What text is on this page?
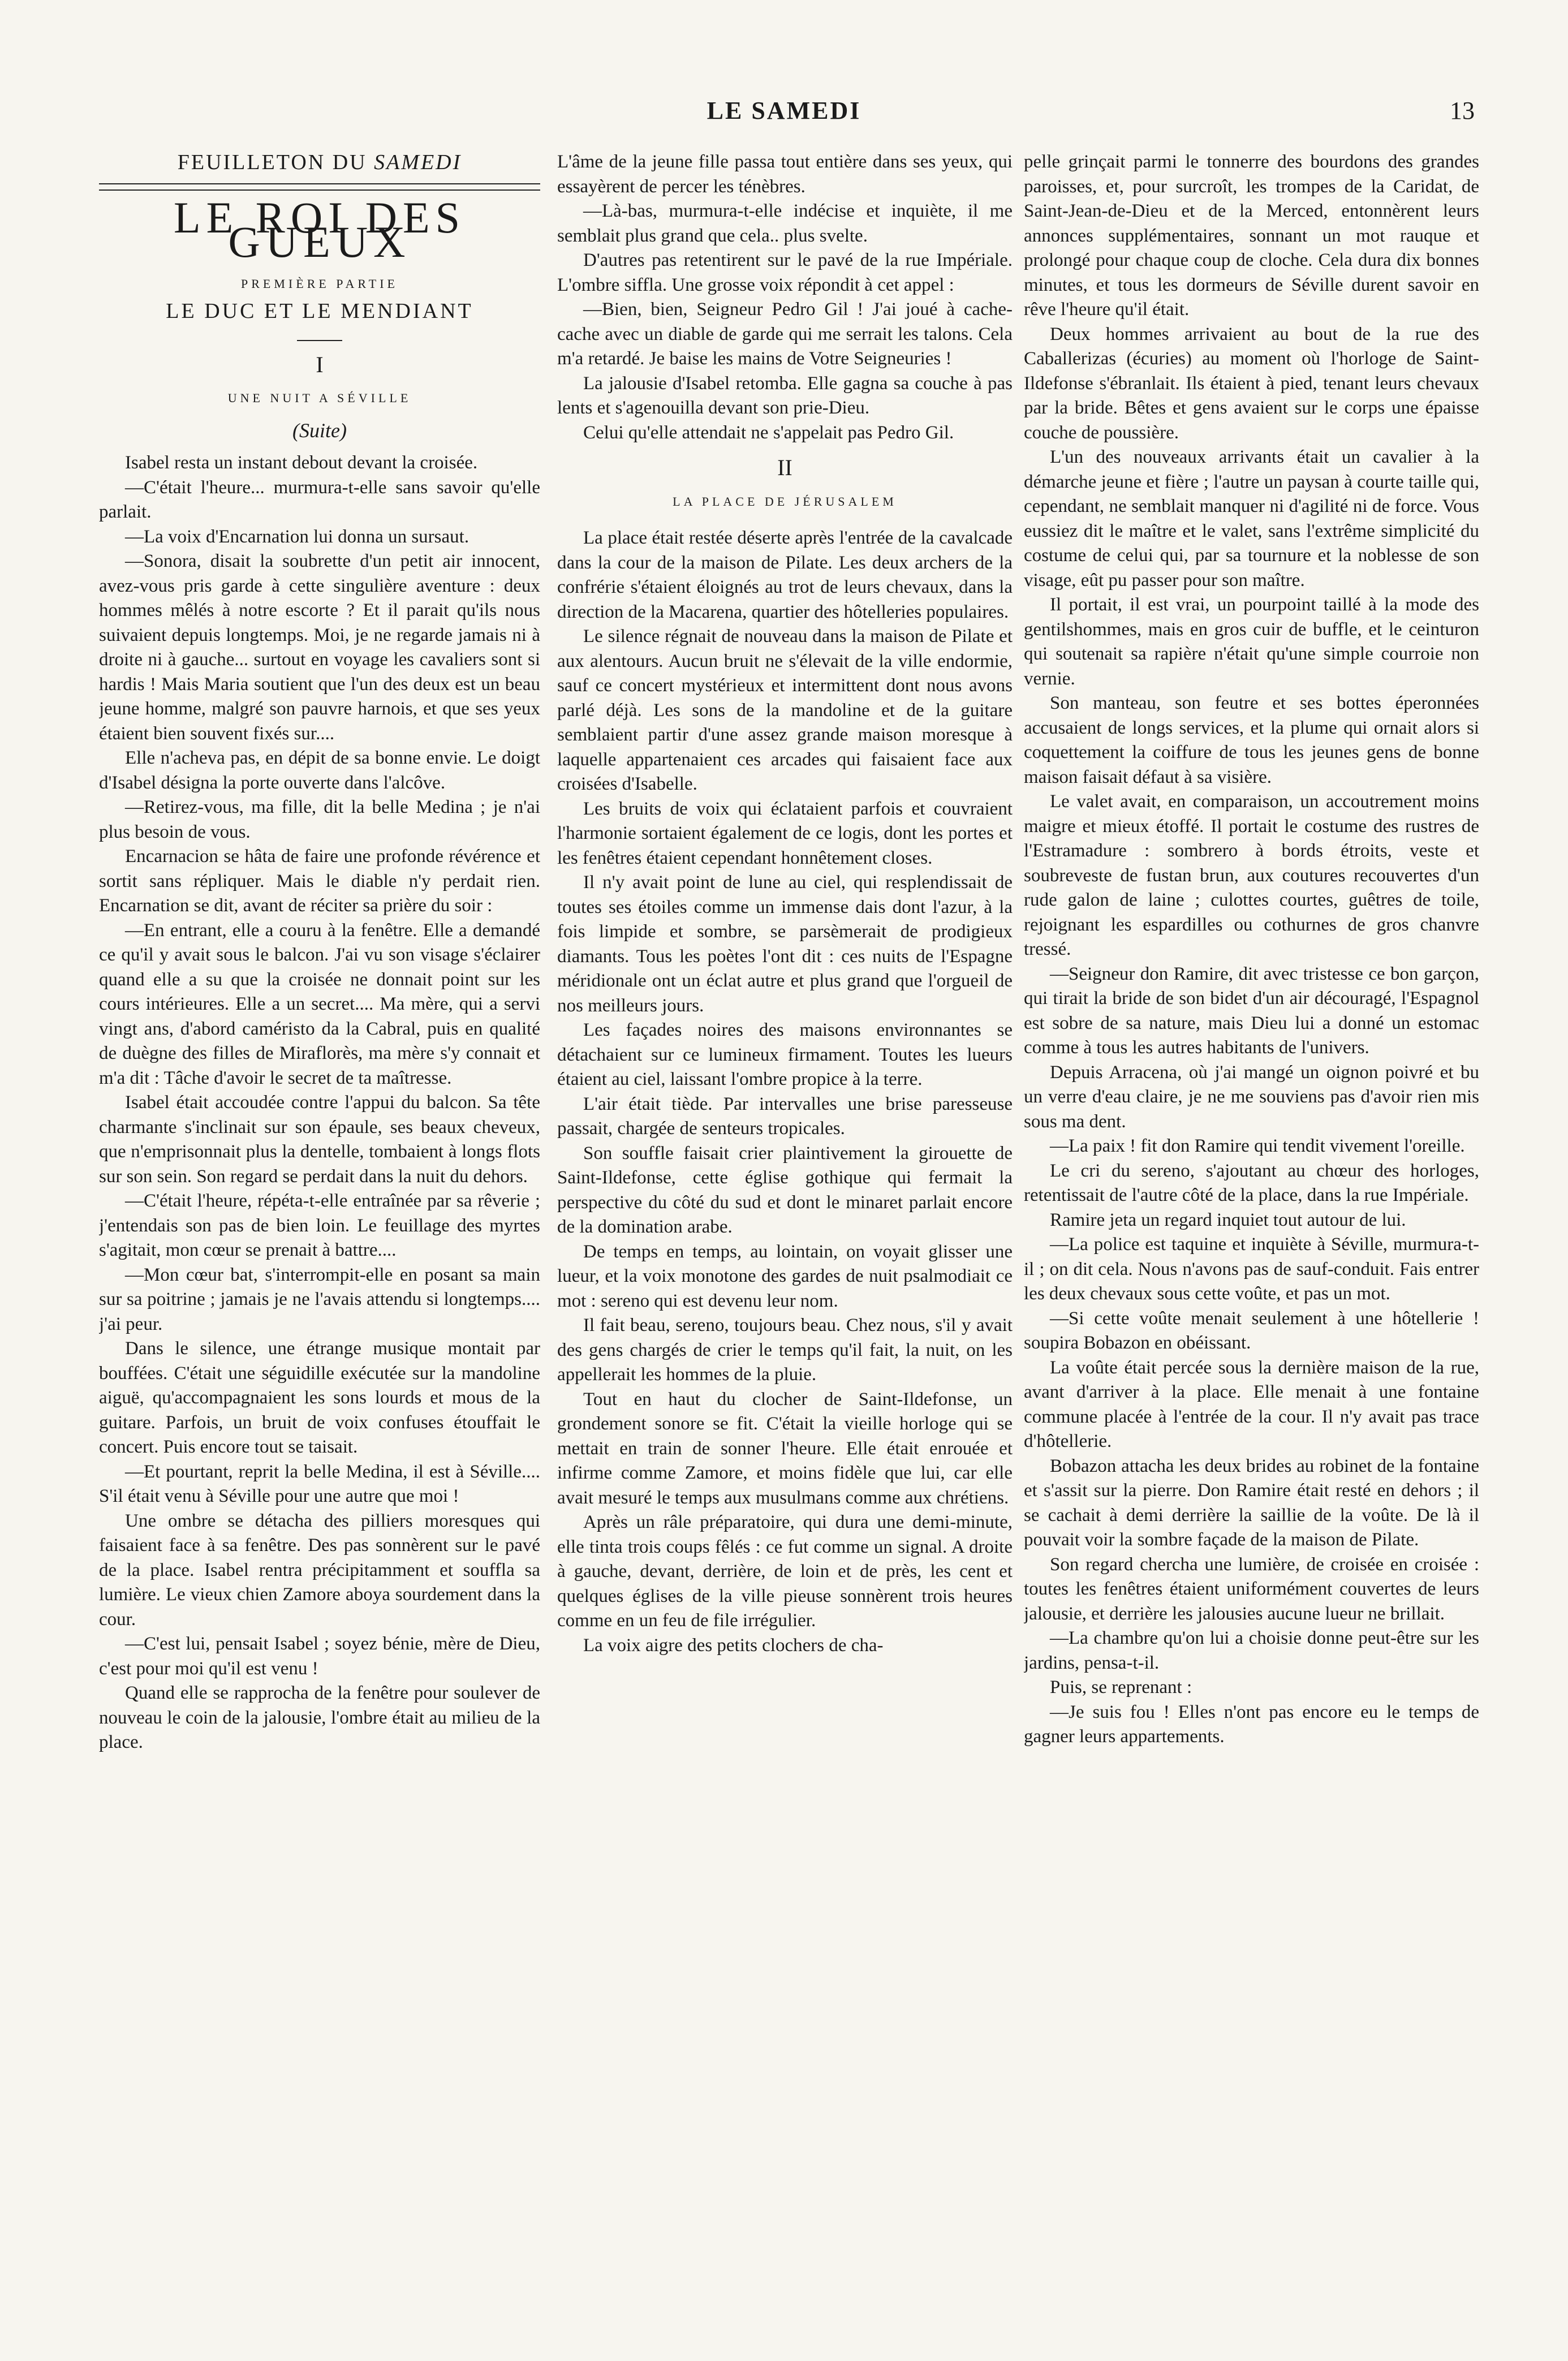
LE SAMEDI	13
FEUILLETON DU SAMEDI
LE ROI DES GUEUX
PREMIÈRE PARTIE
LE DUC ET LE MENDIANT
I
UNE NUIT A SÉVILLE
(Suite)

Isabel resta un instant debout devant la croisée.

—C'était l'heure... murmura-t-elle sans savoir qu'elle parlait.

—La voix d'Encarnation lui donna un sursaut.

—Sonora, disait la soubrette d'un petit air innocent, avez-vous pris garde à cette singulière aventure : deux hommes mêlés à notre escorte ? Et il parait qu'ils nous suivaient depuis longtemps. Moi, je ne regarde jamais ni à droite ni à gauche... surtout en voyage les cavaliers sont si hardis ! Mais Maria soutient que l'un des deux est un beau jeune homme, malgré son pauvre harnois, et que ses yeux étaient bien souvent fixés sur....

Elle n'acheva pas, en dépit de sa bonne envie. Le doigt d'Isabel désigna la porte ouverte dans l'alcôve.

—Retirez-vous, ma fille, dit la belle Medina ; je n'ai plus besoin de vous.

Encarnacion se hâta de faire une profonde révérence et sortit sans répliquer. Mais le diable n'y perdait rien. Encarnation se dit, avant de réciter sa prière du soir :

—En entrant, elle a couru à la fenêtre. Elle a demandé ce qu'il y avait sous le balcon. J'ai vu son visage s'éclairer quand elle a su que la croisée ne donnait point sur les cours intérieures. Elle a un secret.... Ma mère, qui a servi vingt ans, d'abord caméristo da la Cabral, puis en qualité de duègne des filles de Miraflorès, ma mère s'y connait et m'a dit : Tâche d'avoir le secret de ta maîtresse.

Isabel était accoudée contre l'appui du balcon. Sa tête charmante s'inclinait sur son épaule, ses beaux cheveux, que n'emprisonnait plus la dentelle, tombaient à longs flots sur son sein. Son regard se perdait dans la nuit du dehors.

—C'était l'heure, répéta-t-elle entraînée par sa rêverie ; j'entendais son pas de bien loin. Le feuillage des myrtes s'agitait, mon cœur se prenait à battre....

—Mon cœur bat, s'interrompit-elle en posant sa main sur sa poitrine ; jamais je ne l'avais attendu si longtemps.... j'ai peur.

Dans le silence, une étrange musique montait par bouffées. C'était une séguidille exécutée sur la mandoline aiguë, qu'accompagnaient les sons lourds et mous de la guitare. Parfois, un bruit de voix confuses étouffait le concert. Puis encore tout se taisait.

—Et pourtant, reprit la belle Medina, il est à Séville.... S'il était venu à Séville pour une autre que moi !

Une ombre se détacha des pilliers moresques qui faisaient face à sa fenêtre. Des pas sonnèrent sur le pavé de la place. Isabel rentra précipitamment et souffla sa lumière. Le vieux chien Zamore aboya sourdement dans la cour.

—C'est lui, pensait Isabel ; soyez bénie, mère de Dieu, c'est pour moi qu'il est venu !

Quand elle se rapprocha de la fenêtre pour soulever de nouveau le coin de la jalousie, l'ombre était au milieu de la place.

L'âme de la jeune fille passa tout entière dans ses yeux, qui essayèrent de percer les ténèbres.

—Là-bas, murmura-t-elle indécise et inquiète, il me semblait plus grand que cela.. plus svelte.

D'autres pas retentirent sur le pavé de la rue Impériale. L'ombre siffla. Une grosse voix répondit à cet appel :

—Bien, bien, Seigneur Pedro Gil ! J'ai joué à cache-cache avec un diable de garde qui me serrait les talons. Cela m'a retardé. Je baise les mains de Votre Seigneuries !

La jalousie d'Isabel retomba. Elle gagna sa couche à pas lents et s'agenouilla devant son prie-Dieu.

Celui qu'elle attendait ne s'appelait pas Pedro Gil.

II
LA PLACE DE JÉRUSALEM

La place était restée déserte après l'entrée de la cavalcade dans la cour de la maison de Pilate. Les deux archers de la confrérie s'étaient éloignés au trot de leurs chevaux, dans la direction de la Macarena, quartier des hôtelleries populaires.

Le silence régnait de nouveau dans la maison de Pilate et aux alentours. Aucun bruit ne s'élevait de la ville endormie, sauf ce concert mystérieux et intermittent dont nous avons parlé déjà. Les sons de la mandoline et de la guitare semblaient partir d'une assez grande maison moresque à laquelle appartenaient ces arcades qui faisaient face aux croisées d'Isabelle.

Les bruits de voix qui éclataient parfois et couvraient l'harmonie sortaient également de ce logis, dont les portes et les fenêtres étaient cependant honnêtement closes.

Il n'y avait point de lune au ciel, qui resplendissait de toutes ses étoiles comme un immense dais dont l'azur, à la fois limpide et sombre, se parsèmerait de prodigieux diamants. Tous les poètes l'ont dit : ces nuits de l'Espagne méridionale ont un éclat autre et plus grand que l'orgueil de nos meilleurs jours.

Les façades noires des maisons environnantes se détachaient sur ce lumineux firmament. Toutes les lueurs étaient au ciel, laissant l'ombre propice à la terre.

L'air était tiède. Par intervalles une brise paresseuse passait, chargée de senteurs tropicales.

Son souffle faisait crier plaintivement la girouette de Saint-Ildefonse, cette église gothique qui fermait la perspective du côté du sud et dont le minaret parlait encore de la domination arabe.

De temps en temps, au lointain, on voyait glisser une lueur, et la voix monotone des gardes de nuit psalmodiait ce mot : sereno qui est devenu leur nom.

Il fait beau, sereno, toujours beau. Chez nous, s'il y avait des gens chargés de crier le temps qu'il fait, la nuit, on les appellerait les hommes de la pluie.

Tout en haut du clocher de Saint-Ildefonse, un grondement sonore se fit. C'était la vieille horloge qui se mettait en train de sonner l'heure. Elle était enrouée et infirme comme Zamore, et moins fidèle que lui, car elle avait mesuré le temps aux musulmans comme aux chrétiens.

Après un râle préparatoire, qui dura une demi-minute, elle tinta trois coups fêlés : ce fut comme un signal. A droite à gauche, devant, derrière, de loin et de près, les cent et quelques églises de la ville pieuse sonnèrent trois heures comme en un feu de file irrégulier.

La voix aigre des petits clochers de cha-

pelle grinçait parmi le tonnerre des bourdons des grandes paroisses, et, pour surcroît, les trompes de la Caridat, de Saint-Jean-de-Dieu et de la Merced, entonnèrent leurs annonces supplémentaires, sonnant un mot rauque et prolongé pour chaque coup de cloche. Cela dura dix bonnes minutes, et tous les dormeurs de Séville durent savoir en rêve l'heure qu'il était.

Deux hommes arrivaient au bout de la rue des Caballerizas (écuries) au moment où l'horloge de Saint-Ildefonse s'ébranlait. Ils étaient à pied, tenant leurs chevaux par la bride. Bêtes et gens avaient sur le corps une épaisse couche de poussière.

L'un des nouveaux arrivants était un cavalier à la démarche jeune et fière ; l'autre un paysan à courte taille qui, cependant, ne semblait manquer ni d'agilité ni de force. Vous eussiez dit le maître et le valet, sans l'extrême simplicité du costume de celui qui, par sa tournure et la noblesse de son visage, eût pu passer pour son maître.

Il portait, il est vrai, un pourpoint taillé à la mode des gentilshommes, mais en gros cuir de buffle, et le ceinturon qui soutenait sa rapière n'était qu'une simple courroie non vernie.

Son manteau, son feutre et ses bottes éperonnées accusaient de longs services, et la plume qui ornait alors si coquettement la coiffure de tous les jeunes gens de bonne maison faisait défaut à sa visière.

Le valet avait, en comparaison, un accoutrement moins maigre et mieux étoffé. Il portait le costume des rustres de l'Estramadure : sombrero à bords étroits, veste et soubreveste de fustan brun, aux coutures recouvertes d'un rude galon de laine ; culottes courtes, guêtres de toile, rejoignant les espardilles ou cothurnes de gros chanvre tressé.

—Seigneur don Ramire, dit avec tristesse ce bon garçon, qui tirait la bride de son bidet d'un air découragé, l'Espagnol est sobre de sa nature, mais Dieu lui a donné un estomac comme à tous les autres habitants de l'univers.

Depuis Arracena, où j'ai mangé un oignon poivré et bu un verre d'eau claire, je ne me souviens pas d'avoir rien mis sous ma dent.

—La paix ! fit don Ramire qui tendit vivement l'oreille.

Le cri du sereno, s'ajoutant au chœur des horloges, retentissait de l'autre côté de la place, dans la rue Impériale.

Ramire jeta un regard inquiet tout autour de lui.

—La police est taquine et inquiète à Séville, murmura-t-il ; on dit cela. Nous n'avons pas de sauf-conduit. Fais entrer les deux chevaux sous cette voûte, et pas un mot.

—Si cette voûte menait seulement à une hôtellerie ! soupira Bobazon en obéissant.

La voûte était percée sous la dernière maison de la rue, avant d'arriver à la place. Elle menait à une fontaine commune placée à l'entrée de la cour. Il n'y avait pas trace d'hôtellerie.

Bobazon attacha les deux brides au robinet de la fontaine et s'assit sur la pierre. Don Ramire était resté en dehors ; il se cachait à demi derrière la saillie de la voûte. De là il pouvait voir la sombre façade de la maison de Pilate.

Son regard chercha une lumière, de croisée en croisée : toutes les fenêtres étaient uniformément couvertes de leurs jalousie, et derrière les jalousies aucune lueur ne brillait.

—La chambre qu'on lui a choisie donne peut-être sur les jardins, pensa-t-il.

Puis, se reprenant :

—Je suis fou ! Elles n'ont pas encore eu le temps de gagner leurs appartements.
